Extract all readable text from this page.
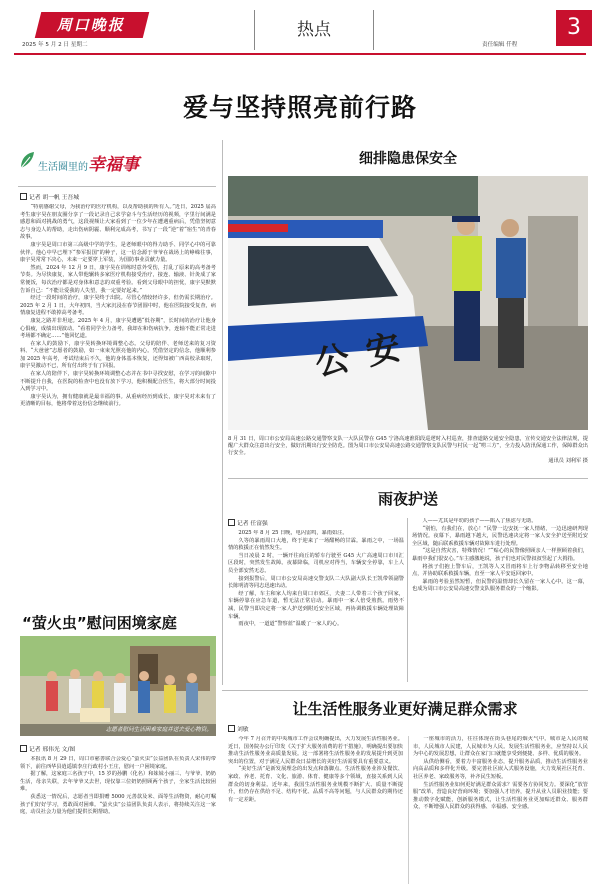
周口晚报	热点	3
2025 年 5 月 2 日 星期二	责任编辑 仟程
爱与坚持照亮前行路
生活圈里的 幸福事
记者 胡一帆 王吾城

“特别感谢父母，为我治疗的医疗机构，以及帮助我的所有人。”近日，2025 届高考生康宇昊在朋友圈分享了一段记录自己求学奋斗与生活经历的视频，字里行间满是感恩和面对挑战的勇气，这段视频让大家看到了一位少年在遭遇重病后，凭借坚韧意志与身边人的帮助，走出伤病阴霾、顺利完成高考，书写了一段“逆”着“宿生”的青春故事。

康宇昊是周口市第三高级中学的学生，是老师眼中的得力助手、同学心中的可靠伙伴。他心中早已埋下“参军报国”的种子，这一信念源于爷爷在战场上的峥嵘往事，康宇昊常常下决心，未来一定要穿上军装，为国防事业贡献力量。

然而，2024 年 12 月 9 日，康宇昊在训练时意外受伤，打乱了原来的高考备考节奏。为尽快康复，家人带他辗转多家医疗机构接受治疗，接连、输液、针灸成了家常便饭，每次治疗都是对身体和意志的双重考验。看到父母眼中的担忧，康宇昊默默告诉自己：“不能让爱我的人失望，我一定要好起来。”

经过一段时间的治疗，康宇昊终于出院。尽管心情较轻许多，但仍需长期治疗。2025 年 2 月 1 日，大年初四，当大家沉浸在春节团圆中时，他在医院接受复查，病情康复进程不敢掉高考备考。

康复之路并非坦途。2025 年 4 月，康宇昊遭遇“低谷期”，长时间的治疗让他身心俱疲，成绩出现波动。“看着同学全力备考，我却在和伤病抗争，连轴不能正常走进考场都不确定……”他回忆道。

在家人的鼓励下，康宇昊转换环境调整心态。父母的陪伴、老师送来的复习资料、“大爸爸”志愿者的鼓励，如一束束光照亮他的内心。凭借坚定的信念，他顺利参加 2025 年高考，考试结束后不久，他的身体基本恢复，还得知被广西高校录取时，康宇昊激动不已，所有付出终于有了回报。

在家人的陪伴下，康宇昊转换环境调整心态并在书中寻找安慰，在学习的间隙中不断提升自我，在医院的检查中也没有放下学习，他积极配合医生，将大部分时间投入到学习中。

康宇昊认为，拥有健康就是最幸福的事。从重病经历到成长，康宇昊对未来有了更清晰的目标，他将带着这份信念继续前行。

“萤火虫”慰问困境家庭
志愿者慰问生活困难家庭并送去爱心物资。
记者 邢伟光 文/图

本报讯 8 月 29 日，周口市慈善联合会爱心“萤火虫”公益团队在负责人宋伟的带领下，前往西华县逍遥镇李庄行政村小王庄，慰问一户困境家庭。

据了解，这家庭三名孩子中，15 岁的孙鹏（化名）和妹妹小丽三、与爷爷、奶奶生活，母亲失联，去年爷爷又去世，现仅靠三位奶奶照顾两个孩子，全家生活比较困难。

获悉这一情况后，志愿者当即捐赠 5000 元善款及米、面等生活物资，耐心叮嘱孩子们好好学习，勇敢面对困难。“萤火虫”公益团队负责人表示，将持续关注这一家庭，动员社会力量为他们提供长期帮助。

细排隐患保安全
公安
8 月 31 日，周口市公安局高速公路交通警察支队一大队民警在 G45 宁洛高速淮阳段巡逻时入村巡查，排查道路交通安全隐患，宣传交通安全法律法规，提醒广大群众注意出行安全，做好汛期出行安全防范。图为周口市公安局高速公路交通警察支队民警与村民一起“唠三方”，全力投入防汛保通工作，保障群众出行安全。
通讯员 刘利军 摄
雨夜护送
记者 任富强

2025 年 8 月 25 日晚，电闪雷鸣，暴雨如注。

久等的暴雨周口大地，终于迎来了一场酣畅的甘霖。暴雨之中，一场温情的救援正在悄然发生。

当日凌晨 2 时，一辆开往商丘的轿车行驶至 G45 大广高速周口市川汇区段时，突然发生故障。夜幕降临，司机应对得当，车辆安全停靠，车上人员全部安然无恙。

接到报警后，周口市公安局高速交警支队二大队副大队长王凯带领副警长陈明清等同志迅速出动。

经了解，车主和家人均来自周口市郊区，夫妻二人带着三个孩子回家，车辆停靠在应急车道，暂无法正常启动。暴雨中一家人倍受煎熬。雨势不减，民警当即决定将一家人护送到附近安全区域，再协调救援车辆处理故障车辆。

雨夜中，一道道“警察蓝”温暖了一家人的心。

人——尤其是年幼的孩子——陷入了焦虑与无助。

“别怕，有我们在，放心！”民警一边安抚一家人情绪，一边迅速研判现场情况。夜幕下，暴雨越下越大，民警迅速决定将一家人安全护送至附近安全区域，随后联系救援车辆对故障车进行处理。

“这是自然灾害，特殊情况！”“贴心的民警像照顾亲人一样照顾着我们，暴雨中我们很安心。”车主感激地说，孩子们也对民警叔叔竖起了大拇指。

将孩子们抱上警车后，王凯等人又冒雨将车上行李物品转移至安全地点，并协助联系救援车辆，直至一家人平安返回家中。

暴雨的考验虽然短暂，但民警的温情却长久留在一家人心中。这一幕，也成为周口市公安局高速交警支队服务群众的一个缩影。

让生活性服务业更好满足群众需求
刘敏

今年 7 月召开的中央城市工作会议明确提出，大力发展生活性服务业。近日，国务院办公厅印发《关于扩大服务消费的若干措施》，明确提出要加快推动生活性服务业高质量发展。这一部署将生活性服务业的发展提升到更加突出的位置，对于满足人民群众日益增长的美好生活需要具有重要意义。

“美好生活”是新发展理念的出发点和落脚点。生活性服务业涉及餐饮、家政、养老、托育、文化、旅游、体育、健康等多个领域，直接关系到人民群众的切身利益。近年来，我国生活性服务业规模不断扩大、质量不断提升，但仍存在供给不足、结构不优、品质不高等问题，与人民群众的期待还有一定差距。

一座城市的活力，往往体现在街头巷尾的烟火气中。城市是人民的城市，人民城市人民建，人民城市为人民。发展生活性服务业，应坚持以人民为中心的发展思想，让群众在家门口就能享受到便捷、多样、优质的服务。

从供给侧看，要着力丰富服务业态，提升服务品质，推动生活性服务业向高品质和多样化升级。要完善社区嵌入式服务设施，大力发展社区托育、社区养老、家政服务等，补齐民生短板。

生活性服务业如何更好满足群众需求？需要各方协同发力。要深化“放管服”改革，营造良好营商环境；要加强人才培养，提升从业人员职业技能；要推动数字化赋能，创新服务模式，让生活性服务业更加贴近群众、服务群众，不断增强人民群众的获得感、幸福感、安全感。
